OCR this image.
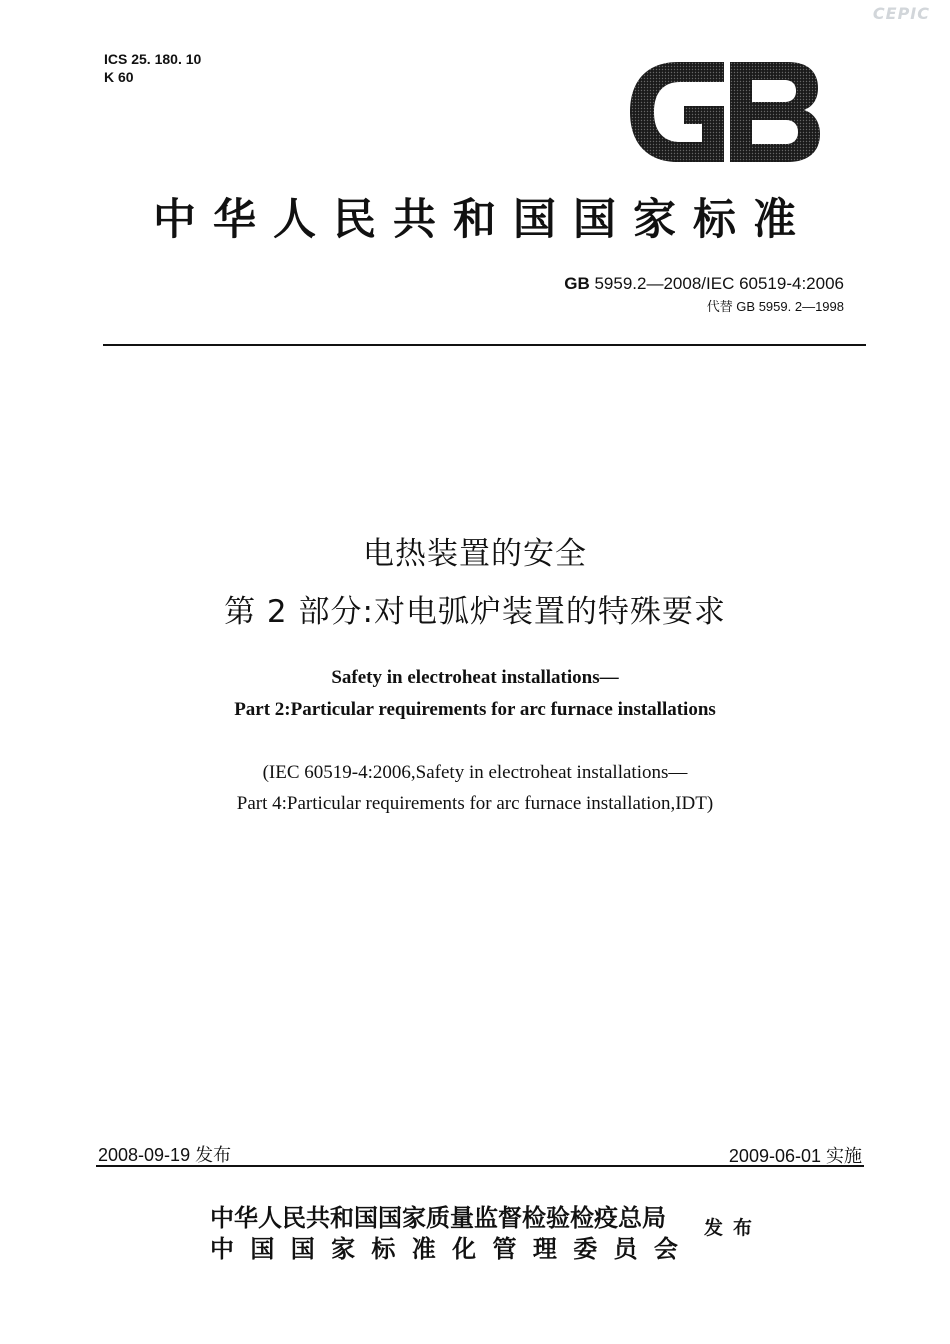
CEPIC
ICS 25. 180. 10
K 60
中华人民共和国国家标准
GB 5959.2—2008/IEC 60519-4:2006
代替 GB 5959. 2—1998
电热装置的安全
第 2 部分:对电弧炉装置的特殊要求
Safety in electroheat installations—
Part 2:Particular requirements for arc furnace installations
(IEC 60519-4:2006,Safety in electroheat installations—
Part 4:Particular requirements for arc furnace installation,IDT)
2008-09-19 发布	2009-06-01 实施
中华人民共和国国家质量监督检验检疫总局
中 国 国 家 标 准 化 管 理 委 员 会
发布
